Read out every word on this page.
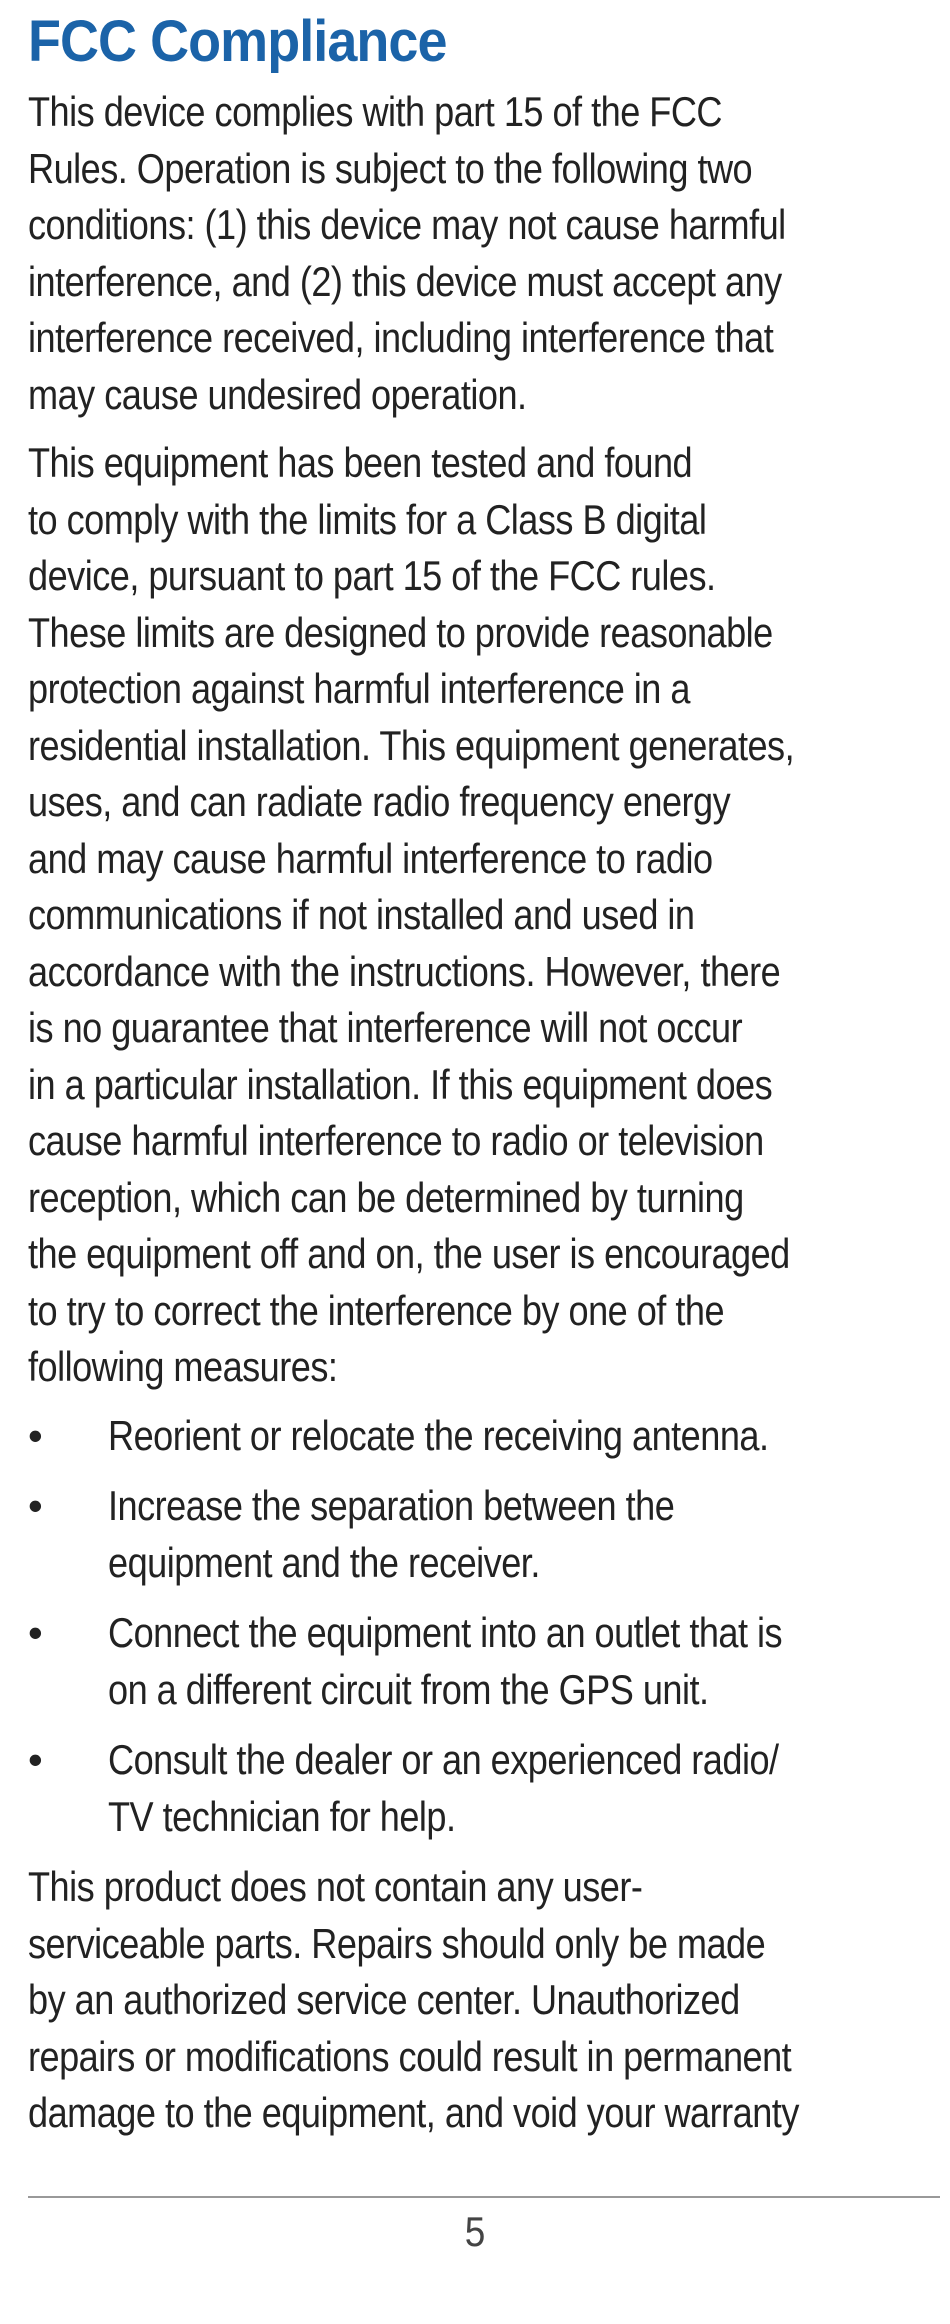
FCC Compliance
This device complies with part 15 of the FCC
Rules. Operation is subject to the following two
conditions: (1) this device may not cause harmful
interference, and (2) this device must accept any
interference received, including interference that
may cause undesired operation.
This equipment has been tested and found
to comply with the limits for a Class B digital
device, pursuant to part 15 of the FCC rules.
These limits are designed to provide reasonable
protection against harmful interference in a
residential installation. This equipment generates,
uses, and can radiate radio frequency energy
and may cause harmful interference to radio
communications if not installed and used in
accordance with the instructions. However, there
is no guarantee that interference will not occur
in a particular installation. If this equipment does
cause harmful interference to radio or television
reception, which can be determined by turning
the equipment off and on, the user is encouraged
to try to correct the interference by one of the
following measures:
• Reorient or relocate the receiving antenna.
• Increase the separation between the
equipment and the receiver.
• Connect the equipment into an outlet that is
on a different circuit from the GPS unit.
• Consult the dealer or an experienced radio/
TV technician for help.
This product does not contain any user-
serviceable parts. Repairs should only be made
by an authorized service center. Unauthorized
repairs or modifications could result in permanent
damage to the equipment, and void your warranty
5
